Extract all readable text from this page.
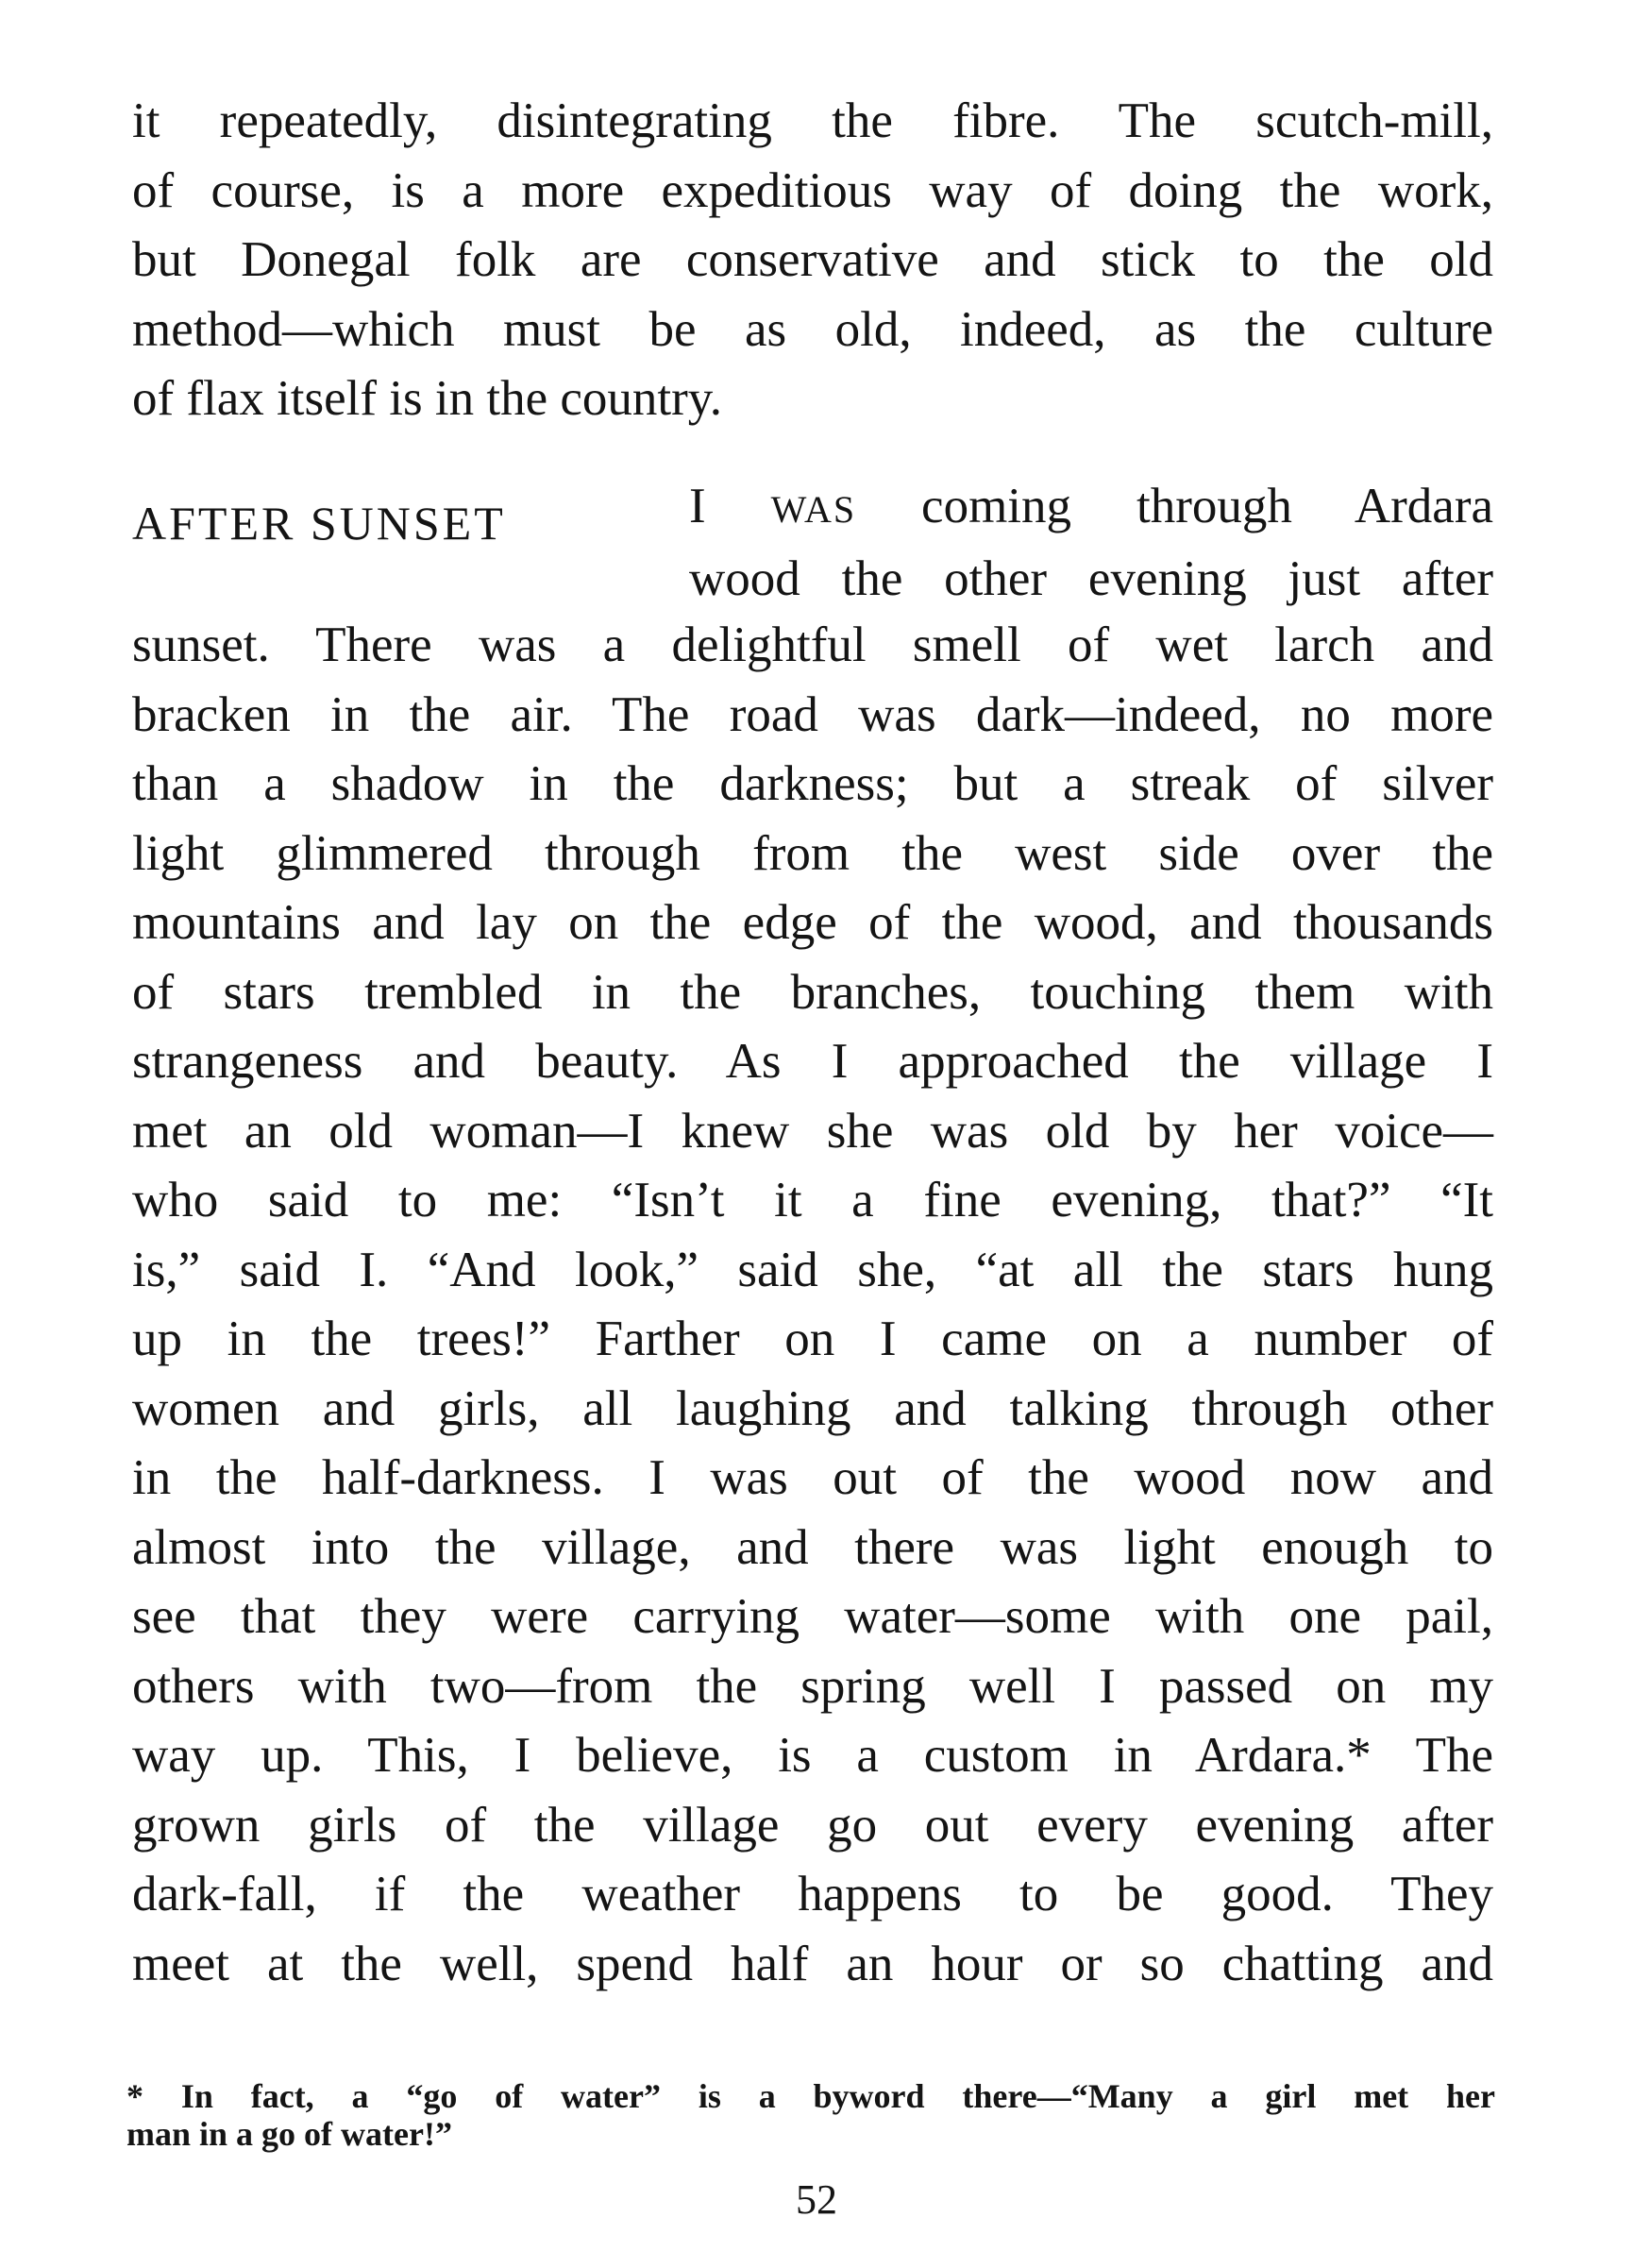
it repeatedly, disintegrating the fibre. The scutch-mill,
of course, is a more expeditious way of doing the work,
but Donegal folk are conservative and stick to the old
method—which must be as old, indeed, as the culture
of flax itself is in the country.
AFTER SUNSET	I WAS coming through Ardara
wood the other evening just after
sunset. There was a delightful smell of wet larch and
bracken in the air. The road was dark—indeed, no more
than a shadow in the darkness; but a streak of silver
light glimmered through from the west side over the
mountains and lay on the edge of the wood, and thousands
of stars trembled in the branches, touching them with
strangeness and beauty. As I approached the village I
met an old woman—I knew she was old by her voice—
who said to me: “Isn’t it a fine evening, that?” “It
is,” said I. “And look,” said she, “at all the stars hung
up in the trees!” Farther on I came on a number of
women and girls, all laughing and talking through other
in the half-darkness. I was out of the wood now and
almost into the village, and there was light enough to
see that they were carrying water—some with one pail,
others with two—from the spring well I passed on my
way up. This, I believe, is a custom in Ardara.* The
grown girls of the village go out every evening after
dark-fall, if the weather happens to be good. They
meet at the well, spend half an hour or so chatting and
* In fact, a “go of water” is a byword there—“Many a girl met her
man in a go of water!”
52
